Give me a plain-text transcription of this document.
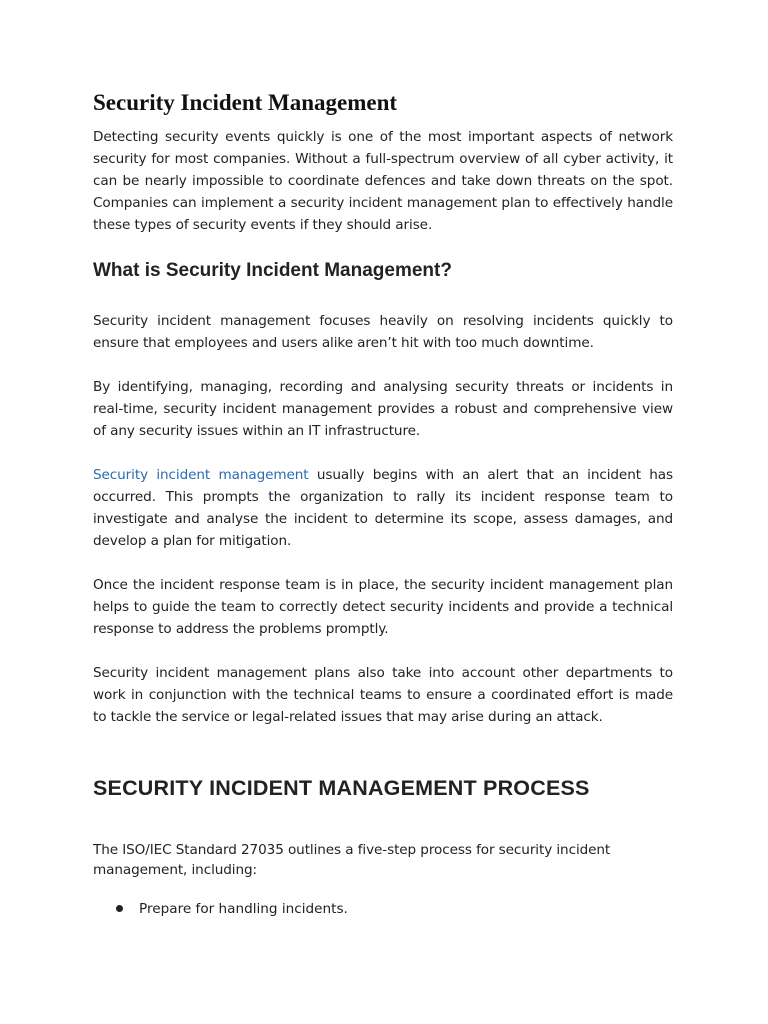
Security Incident Management

Detecting security events quickly is one of the most important aspects of network security for most companies. Without a full-spectrum overview of all cyber activity, it can be nearly impossible to coordinate defences and take down threats on the spot. Companies can implement a security incident management plan to effectively handle these types of security events if they should arise.

What is Security Incident Management?

Security incident management focuses heavily on resolving incidents quickly to ensure that employees and users alike aren’t hit with too much downtime.

By identifying, managing, recording and analysing security threats or incidents in real-time, security incident management provides a robust and comprehensive view of any security issues within an IT infrastructure.

Security incident management usually begins with an alert that an incident has occurred. This prompts the organization to rally its incident response team to investigate and analyse the incident to determine its scope, assess damages, and develop a plan for mitigation.

Once the incident response team is in place, the security incident management plan helps to guide the team to correctly detect security incidents and provide a technical response to address the problems promptly.

Security incident management plans also take into account other departments to work in conjunction with the technical teams to ensure a coordinated effort is made to tackle the service or legal-related issues that may arise during an attack.

SECURITY INCIDENT MANAGEMENT PROCESS

The ISO/IEC Standard 27035 outlines a five-step process for security incident management, including:

Prepare for handling incidents.
